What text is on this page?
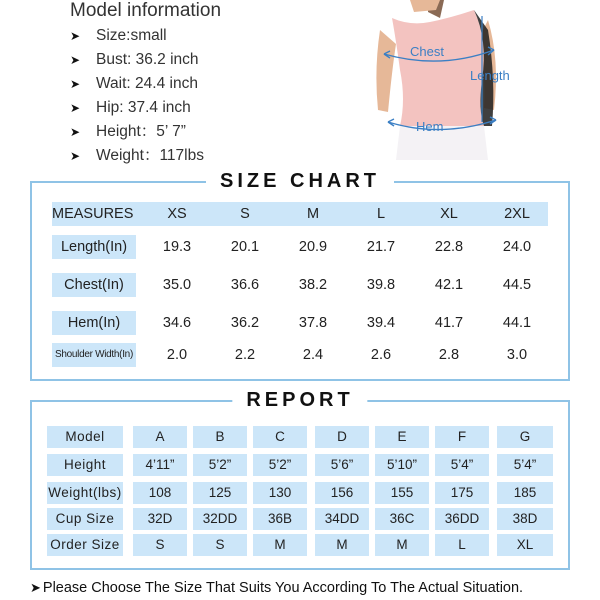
Model information
➤ Size:small
➤ Bust: 36.2 inch
➤ Wait: 24.4 inch
➤ Hip: 37.4 inch
➤ Height：5’ 7”
➤ Weight：117lbs
Chest
Length
Hem
SIZE CHART
MEASURES	XS	S	M	L	XL	2XL
Length(In)	19.3	20.1	20.9	21.7	22.8	24.0
Chest(In)	35.0	36.6	38.2	39.8	42.1	44.5
Hem(In)	34.6	36.2	37.8	39.4	41.7	44.1
Shoulder Width(In)	2.0	2.2	2.4	2.6	2.8	3.0
REPORT
Model	A	B	C	D	E	F	G
Height	4’11”	5’2”	5’2”	5’6”	5’10”	5’4”	5’4”
Weight(lbs)	108	125	130	156	155	175	185
Cup Size	32D	32DD	36B	34DD	36C	36DD	38D
Order Size	S	S	M	M	M	L	XL
➤ Please Choose The Size That Suits You According To The Actual Situation.
